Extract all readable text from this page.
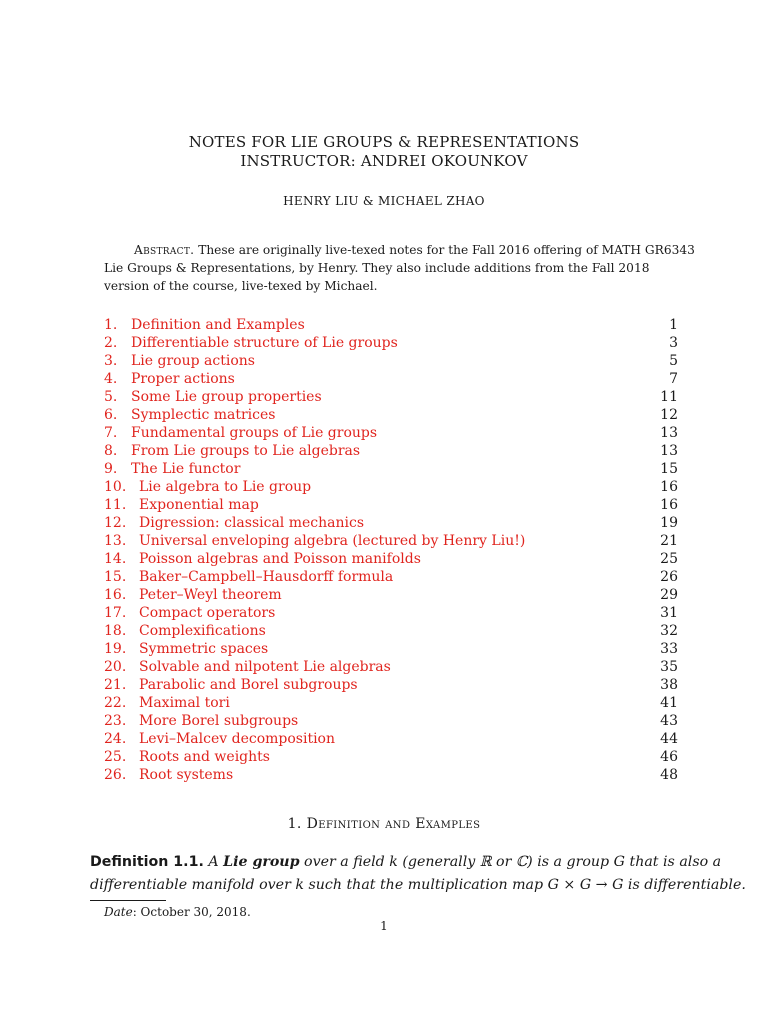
NOTES FOR LIE GROUPS & REPRESENTATIONS
INSTRUCTOR: ANDREI OKOUNKOV
HENRY LIU & MICHAEL ZHAO
Abstract. These are originally live-texed notes for the Fall 2016 offering of MATH GR6343
Lie Groups & Representations, by Henry. They also include additions from the Fall 2018
version of the course, live-texed by Michael.
1. Definition and Examples	1
2. Differentiable structure of Lie groups	3
3. Lie group actions	5
4. Proper actions	7
5. Some Lie group properties	11
6. Symplectic matrices	12
7. Fundamental groups of Lie groups	13
8. From Lie groups to Lie algebras	13
9. The Lie functor	15
10. Lie algebra to Lie group	16
11. Exponential map	16
12. Digression: classical mechanics	19
13. Universal enveloping algebra (lectured by Henry Liu!)	21
14. Poisson algebras and Poisson manifolds	25
15. Baker–Campbell–Hausdorff formula	26
16. Peter–Weyl theorem	29
17. Compact operators	31
18. Complexifications	32
19. Symmetric spaces	33
20. Solvable and nilpotent Lie algebras	35
21. Parabolic and Borel subgroups	38
22. Maximal tori	41
23. More Borel subgroups	43
24. Levi–Malcev decomposition	44
25. Roots and weights	46
26. Root systems	48
1. Definition and Examples
Definition 1.1. A Lie group over a field k (generally ℝ or ℂ) is a group G that is also a
differentiable manifold over k such that the multiplication map G × G → G is differentiable.
Date: October 30, 2018.
1
